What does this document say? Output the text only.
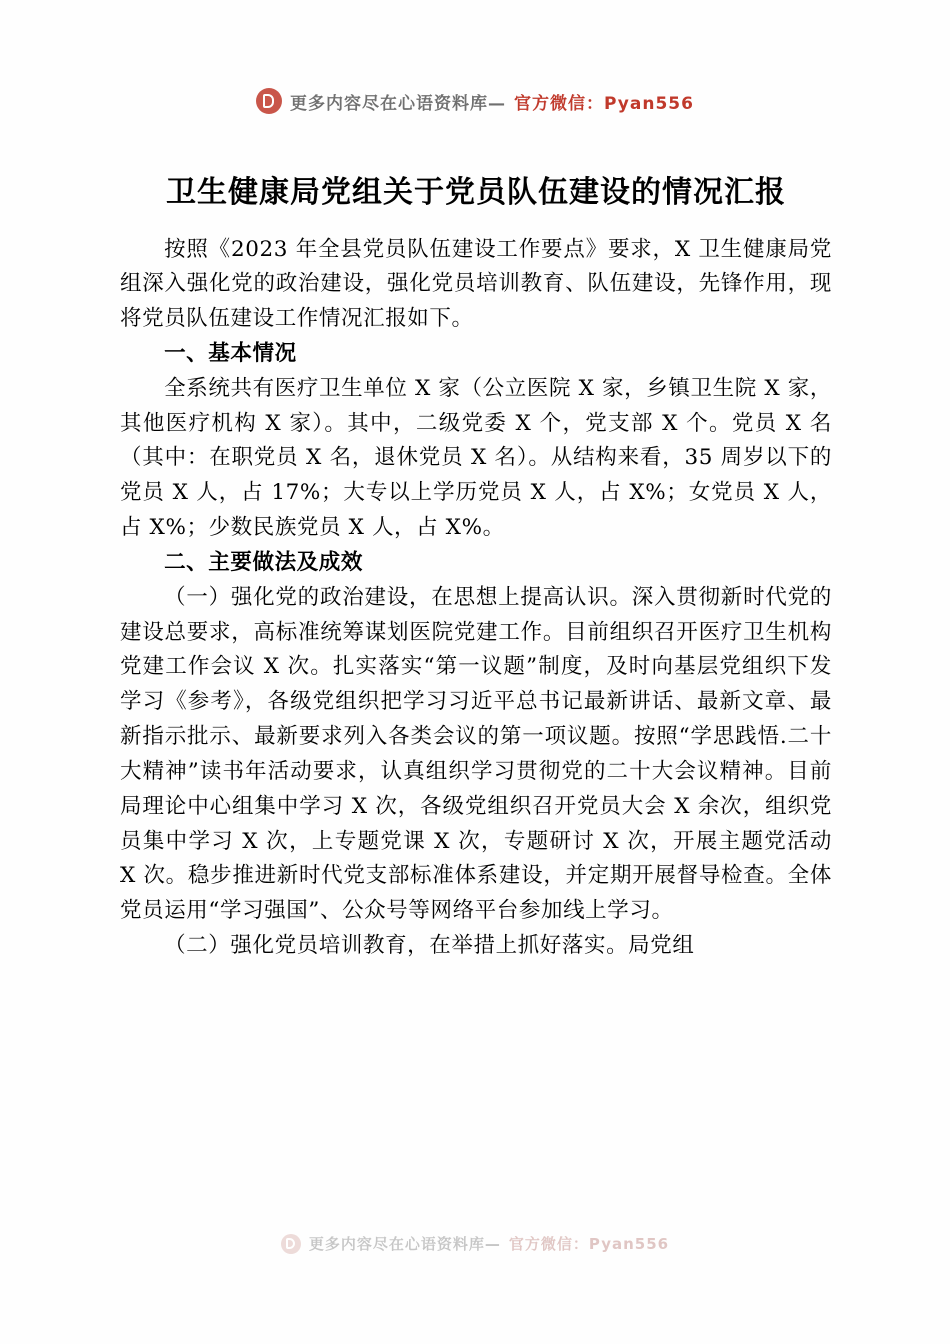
更多内容尽在心语资料库— 官方微信：Pyan556
卫生健康局党组关于党员队伍建设的情况汇报

按照《2023 年全县党员队伍建设工作要点》要求，X 卫生健康局党组深入强化党的政治建设，强化党员培训教育、队伍建设，先锋作用，现将党员队伍建设工作情况汇报如下。

一、基本情况

全系统共有医疗卫生单位 X 家（公立医院 X 家，乡镇卫生院 X 家，其他医疗机构 X 家）。其中，二级党委 X 个，党支部 X 个。党员 X 名（其中：在职党员 X 名，退休党员 X 名）。从结构来看，35 周岁以下的党员 X 人，占 17%；大专以上学历党员 X 人，占 X%；女党员 X 人，占 X%；少数民族党员 X 人，占 X%。

二、主要做法及成效

（一）强化党的政治建设，在思想上提高认识。深入贯彻新时代党的建设总要求，高标准统筹谋划医院党建工作。目前组织召开医疗卫生机构党建工作会议 X 次。扎实落实“第一议题”制度，及时向基层党组织下发学习《参考》，各级党组织把学习习近平总书记最新讲话、最新文章、最新指示批示、最新要求列入各类会议的第一项议题。按照“学思践悟.二十大精神”读书年活动要求，认真组织学习贯彻党的二十大会议精神。目前局理论中心组集中学习 X 次，各级党组织召开党员大会 X 余次，组织党员集中学习 X 次，上专题党课 X 次，专题研讨 X 次，开展主题党活动 X 次。稳步推进新时代党支部标准体系建设，并定期开展督导检查。全体党员运用“学习强国”、公众号等网络平台参加线上学习。

（二）强化党员培训教育，在举措上抓好落实。局党组

更多内容尽在心语资料库— 官方微信：Pyan556
